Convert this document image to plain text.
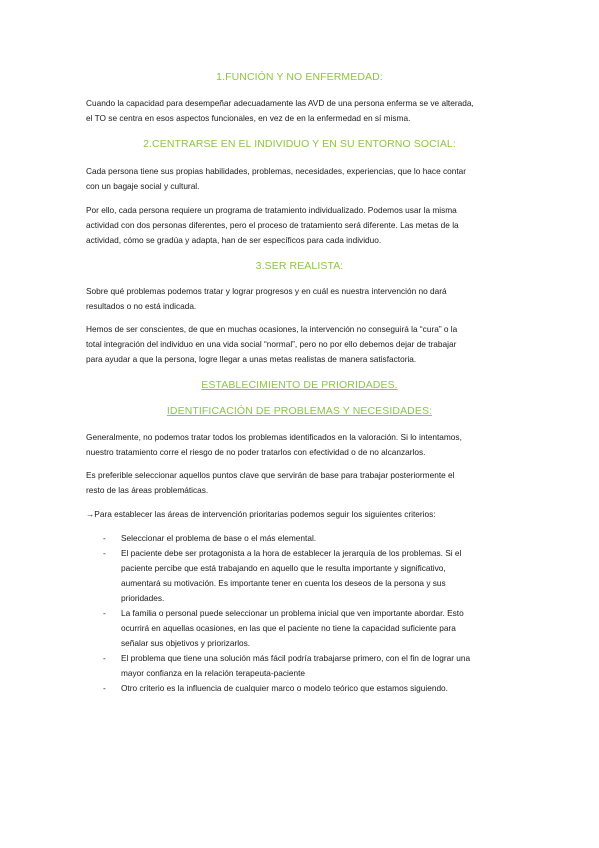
1.FUNCIÓN Y NO ENFERMEDAD:
Cuando la capacidad para desempeñar adecuadamente las AVD de una persona enferma se ve alterada,
el TO se centra en esos aspectos funcionales, en vez de en la enfermedad en sí misma.
2.CENTRARSE EN EL INDIVIDUO Y EN SU ENTORNO SOCIAL:
Cada persona tiene sus propias habilidades, problemas, necesidades, experiencias, que lo hace contar
con un bagaje social y cultural.
Por ello, cada persona requiere un programa de tratamiento individualizado. Podemos usar la misma
actividad con dos personas diferentes, pero el proceso de tratamiento será diferente. Las metas de la
actividad, cómo se gradúa y adapta, han de ser específicos para cada individuo.
3.SER REALISTA:
Sobre qué problemas podemos tratar y lograr progresos y en cuál es nuestra intervención no dará
resultados o no está indicada.
Hemos de ser conscientes, de que en muchas ocasiones, la intervención no conseguirá la “cura” o la
total integración del individuo en una vida social “normal”, pero no por ello debemos dejar de trabajar
para ayudar a que la persona, logre llegar a unas metas realistas de manera satisfactoria.
ESTABLECIMIENTO DE PRIORIDADES.
IDENTIFICACIÓN DE PROBLEMAS Y NECESIDADES:
Generalmente, no podemos tratar todos los problemas identificados en la valoración. Si lo intentamos,
nuestro tratamiento corre el riesgo de no poder tratarlos con efectividad o de no alcanzarlos.
Es preferible seleccionar aquellos puntos clave que servirán de base para trabajar posteriormente el
resto de las áreas problemáticas.
→Para establecer las áreas de intervención prioritarias podemos seguir los siguientes criterios:
- Seleccionar el problema de base o el más elemental.
- El paciente debe ser protagonista a la hora de establecer la jerarquía de los problemas. Si el
paciente percibe que está trabajando en aquello que le resulta importante y significativo,
aumentará su motivación. Es importante tener en cuenta los deseos de la persona y sus
prioridades.
- La familia o personal puede seleccionar un problema inicial que ven importante abordar. Esto
ocurrirá en aquellas ocasiones, en las que el paciente no tiene la capacidad suficiente para
señalar sus objetivos y priorizarlos.
- El problema que tiene una solución más fácil podría trabajarse primero, con el fin de lograr una
mayor confianza en la relación terapeuta-paciente
- Otro criterio es la influencia de cualquier marco o modelo teórico que estamos siguiendo.
